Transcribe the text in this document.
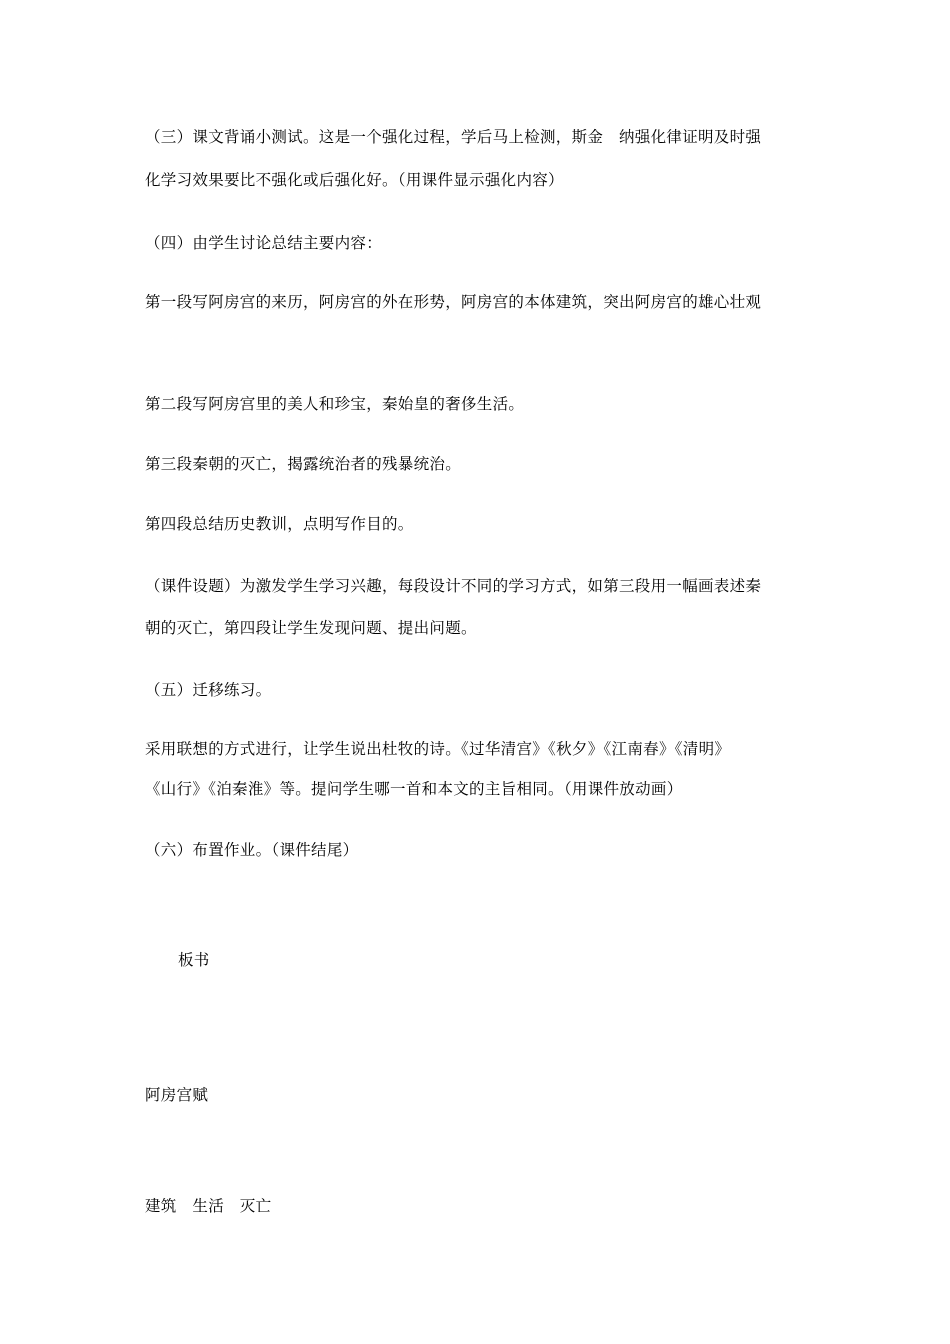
（三）课文背诵小测试。这是一个强化过程，学后马上检测，斯金　纳强化律证明及时强
化学习效果要比不强化或后强化好。（用课件显示强化内容）
（四）由学生讨论总结主要内容：
第一段写阿房宫的来历，阿房宫的外在形势，阿房宫的本体建筑，突出阿房宫的雄心壮观
第二段写阿房宫里的美人和珍宝，秦始皇的奢侈生活。
第三段秦朝的灭亡，揭露统治者的残暴统治。
第四段总结历史教训，点明写作目的。
（课件设题）为激发学生学习兴趣，每段设计不同的学习方式，如第三段用一幅画表述秦
朝的灭亡，第四段让学生发现问题、提出问题。
（五）迁移练习。
采用联想的方式进行，让学生说出杜牧的诗。《过华清宫》《秋夕》《江南春》《清明》
《山行》《泊秦淮》等。提问学生哪一首和本文的主旨相同。（用课件放动画）
（六）布置作业。（课件结尾）
板书
阿房宫赋
建筑　生活　灭亡
